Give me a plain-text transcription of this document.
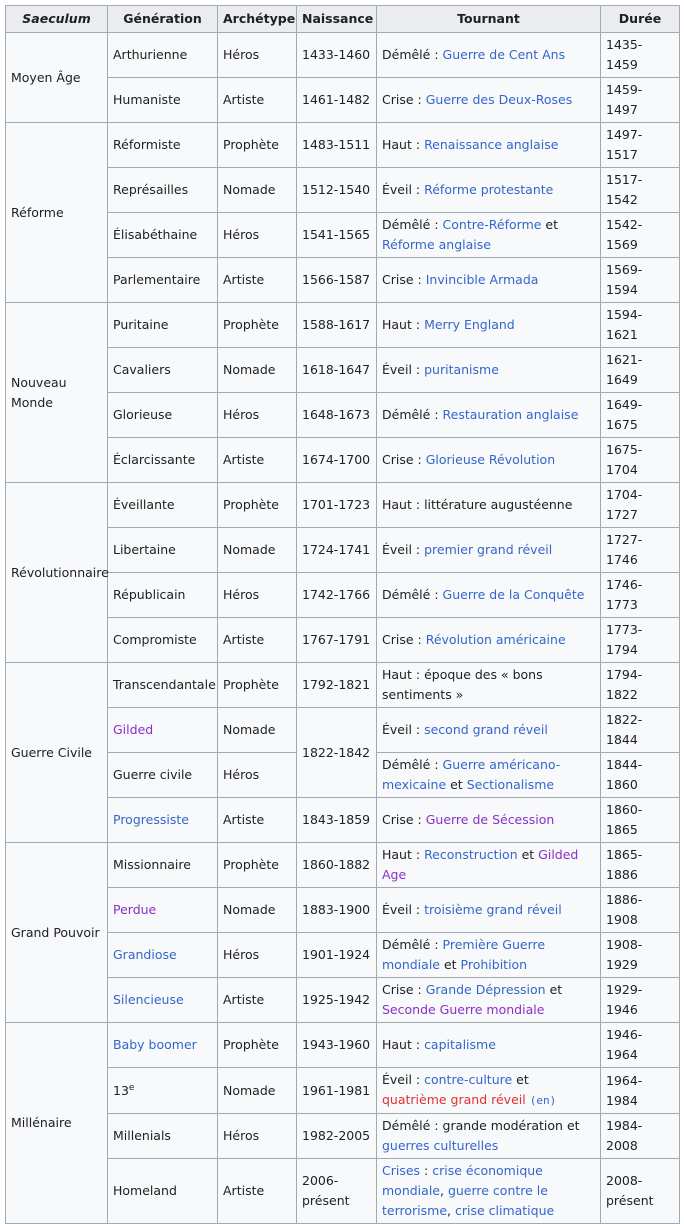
Saeculum	Génération	Archétype	Naissance	Tournant	Durée
Moyen Âge	Arthurienne	Héros	1433-1460	Démêlé : Guerre de Cent Ans	1435-1459
	Humaniste	Artiste	1461-1482	Crise : Guerre des Deux-Roses	1459-1497
Réforme	Réformiste	Prophète	1483-1511	Haut : Renaissance anglaise	1497-1517
	Représailles	Nomade	1512-1540	Éveil : Réforme protestante	1517-1542
	Élisabéthaine	Héros	1541-1565	Démêlé : Contre-Réforme et Réforme anglaise	1542-1569
	Parlementaire	Artiste	1566-1587	Crise : Invincible Armada	1569-1594
Nouveau Monde	Puritaine	Prophète	1588-1617	Haut : Merry England	1594-1621
	Cavaliers	Nomade	1618-1647	Éveil : puritanisme	1621-1649
	Glorieuse	Héros	1648-1673	Démêlé : Restauration anglaise	1649-1675
	Éclarcissante	Artiste	1674-1700	Crise : Glorieuse Révolution	1675-1704
Révolutionnaire	Éveillante	Prophète	1701-1723	Haut : littérature augustéenne	1704-1727
	Libertaine	Nomade	1724-1741	Éveil : premier grand réveil	1727-1746
	Républicain	Héros	1742-1766	Démêlé : Guerre de la Conquête	1746-1773
	Compromiste	Artiste	1767-1791	Crise : Révolution américaine	1773-1794
Guerre Civile	Transcendantale	Prophète	1792-1821	Haut : époque des « bons sentiments »	1794-1822
	Gilded	Nomade	1822-1842	Éveil : second grand réveil	1822-1844
	Guerre civile	Héros		Démêlé : Guerre américano-mexicaine et Sectionalisme	1844-1860
	Progressiste	Artiste	1843-1859	Crise : Guerre de Sécession	1860-1865
Grand Pouvoir	Missionnaire	Prophète	1860-1882	Haut : Reconstruction et Gilded Age	1865-1886
	Perdue	Nomade	1883-1900	Éveil : troisième grand réveil	1886-1908
	Grandiose	Héros	1901-1924	Démêlé : Première Guerre mondiale et Prohibition	1908-1929
	Silencieuse	Artiste	1925-1942	Crise : Grande Dépression et Seconde Guerre mondiale	1929-1946
Millénaire	Baby boomer	Prophète	1943-1960	Haut : capitalisme	1946-1964
	13e	Nomade	1961-1981	Éveil : contre-culture et quatrième grand réveil (en)	1964-1984
	Millenials	Héros	1982-2005	Démêlé : grande modération et guerres culturelles	1984-2008
	Homeland	Artiste	2006-présent	Crises : crise économique mondiale, guerre contre le terrorisme, crise climatique	2008-présent
